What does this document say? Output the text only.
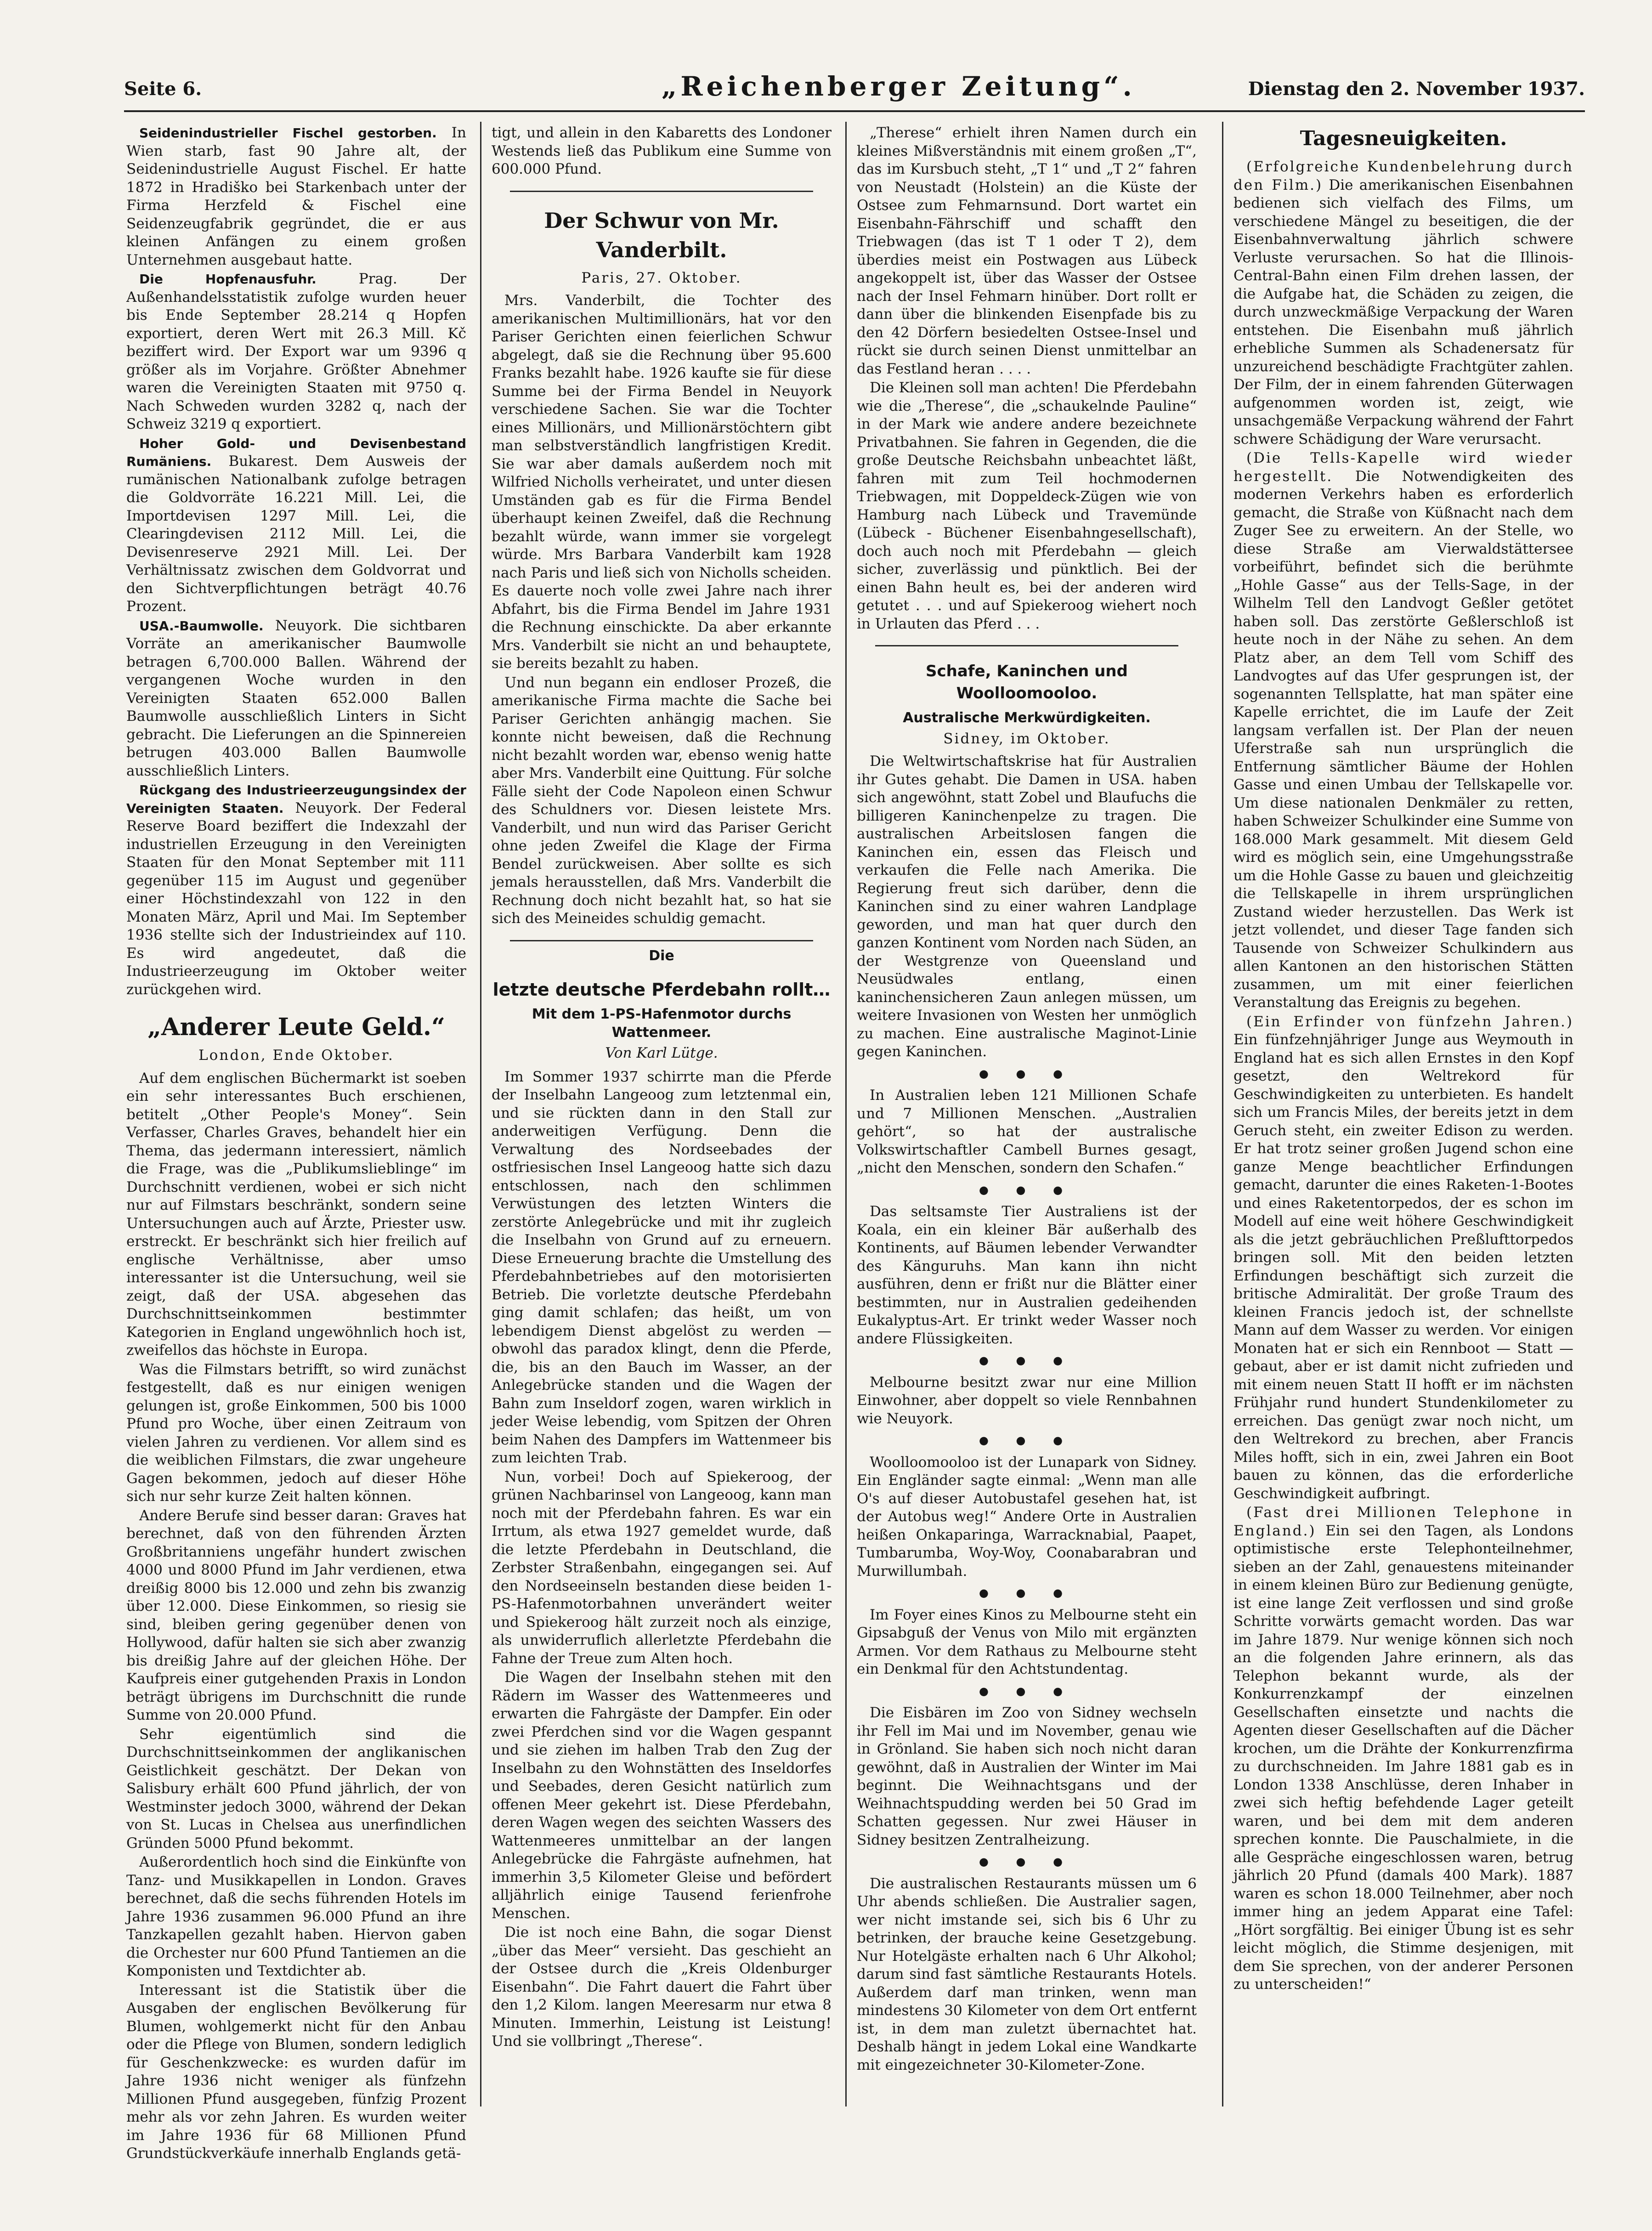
Seite 6.	„Reichenberger Zeitung“.	Dienstag den 2. November 1937.

Seidenindustrieller Fischel gestorben. In Wien starb, fast 90 Jahre alt, der Seidenindustrielle August Fischel. Er hatte 1872 in Hradiško bei Starkenbach unter der Firma Herzfeld & Fischel eine Seidenzeugfabrik gegründet, die er aus kleinen Anfängen zu einem großen Unternehmen ausgebaut hatte.

Die Hopfenausfuhr.	Prag. Der Außenhandelsstatistik zufolge wurden heuer bis Ende September 28.214 q Hopfen exportiert, deren Wert mit 26.3 Mill. Kč beziffert wird. Der Export war um 9396 q größer als im Vorjahre. Größter Abnehmer waren die Vereinigten Staaten mit 9750 q. Nach Schweden wurden 3282 q, nach der Schweiz 3219 q exportiert.

Hoher Gold- und Devisenbestand Rumäniens. Bukarest. Dem Ausweis der rumänischen Nationalbank zufolge betragen die Goldvorräte 16.221 Mill. Lei, die Importdevisen 1297 Mill. Lei, die Clearingdevisen 2112 Mill. Lei, die Devisenreserve 2921 Mill. Lei. Der Verhältnissatz zwischen dem Goldvorrat und den Sichtverpflichtungen beträgt 40.76 Prozent.

USA.-Baumwolle. Neuyork. Die sichtbaren Vorräte an amerikanischer Baumwolle betragen 6,700.000 Ballen. Während der vergangenen Woche wurden in den Vereinigten Staaten 652.000 Ballen Baumwolle ausschließlich Linters in Sicht gebracht. Die Lieferungen an die Spinnereien betrugen 403.000 Ballen Baumwolle ausschließlich Linters.

Rückgang des Industrieerzeugungsindex der Vereinigten Staaten. Neuyork. Der Federal Reserve Board beziffert die Indexzahl der industriellen Erzeugung in den Vereinigten Staaten für den Monat September mit 111 gegenüber 115 im August und gegenüber einer Höchstindexzahl von 122 in den Monaten März, April und Mai. Im September 1936 stellte sich der Industrieindex auf 110. Es wird angedeutet, daß die Industrieerzeugung im Oktober weiter zurückgehen wird.

„Anderer Leute Geld.“
London, Ende Oktober.

Auf dem englischen Büchermarkt ist soeben ein sehr interessantes Buch erschienen, betitelt „Other People's Money“. Sein Verfasser, Charles Graves, behandelt hier ein Thema, das jedermann interessiert, nämlich die Frage, was die „Publikumslieblinge“ im Durchschnitt verdienen, wobei er sich nicht nur auf Filmstars beschränkt, sondern seine Untersuchungen auch auf Ärzte, Priester usw. erstreckt. Er beschränkt sich hier freilich auf englische Verhältnisse, aber umso interessanter ist die Untersuchung, weil sie zeigt, daß der USA. abgesehen das Durchschnittseinkommen bestimmter Kategorien in England ungewöhnlich hoch ist, zweifellos das höchste in Europa.

Was die Filmstars betrifft, so wird zunächst festgestellt, daß es nur einigen wenigen gelungen ist, große Einkommen, 500 bis 1000 Pfund pro Woche, über einen Zeitraum von vielen Jahren zu verdienen. Vor allem sind es die weiblichen Filmstars, die zwar ungeheure Gagen bekommen, jedoch auf dieser Höhe sich nur sehr kurze Zeit halten können.

Andere Berufe sind besser daran: Graves hat berechnet, daß von den führenden Ärzten Großbritanniens ungefähr hundert zwischen 4000 und 8000 Pfund im Jahr verdienen, etwa dreißig 8000 bis 12.000 und zehn bis zwanzig über 12.000. Diese Einkommen, so riesig sie sind, bleiben gering gegenüber denen von Hollywood, dafür halten sie sich aber zwanzig bis dreißig Jahre auf der gleichen Höhe. Der Kaufpreis einer gutgehenden Praxis in London beträgt übrigens im Durchschnitt die runde Summe von 20.000 Pfund.

Sehr eigentümlich sind die Durchschnittseinkommen der anglikanischen Geistlichkeit geschätzt. Der Dekan von Salisbury erhält 600 Pfund jährlich, der von Westminster jedoch 3000, während der Dekan von St. Lucas in Chelsea aus unerfindlichen Gründen 5000 Pfund bekommt.

Außerordentlich hoch sind die Einkünfte von Tanz- und Musikkapellen in London. Graves berechnet, daß die sechs führenden Hotels im Jahre 1936 zusammen 96.000 Pfund an ihre Tanzkapellen gezahlt haben. Hiervon gaben die Orchester nur 600 Pfund Tantiemen an die Komponisten und Textdichter ab.

Interessant ist die Statistik über die Ausgaben der englischen Bevölkerung für Blumen, wohlgemerkt nicht für den Anbau oder die Pflege von Blumen, sondern lediglich für Geschenkzwecke: es wurden dafür im Jahre 1936 nicht weniger als fünfzehn Millionen Pfund ausgegeben, fünfzig Prozent mehr als vor zehn Jahren. Es wurden weiter im Jahre 1936 für 68 Millionen Pfund Grundstückverkäufe innerhalb Englands getä-

tigt, und allein in den Kabaretts des Londoner Westends ließ das Publikum eine Summe von 600.000 Pfund.

Der Schwur von Mr. Vanderbilt.
Paris, 27. Oktober.

Mrs. Vanderbilt, die Tochter des amerikanischen Multimillionärs, hat vor den Pariser Gerichten einen feierlichen Schwur abgelegt, daß sie die Rechnung über 95.600 Franks bezahlt habe. 1926 kaufte sie für diese Summe bei der Firma Bendel in Neuyork verschiedene Sachen. Sie war die Tochter eines Millionärs, und Millionärstöchtern gibt man selbstverständlich langfristigen Kredit. Sie war aber damals außerdem noch mit Wilfried Nicholls verheiratet, und unter diesen Umständen gab es für die Firma Bendel überhaupt keinen Zweifel, daß die Rechnung bezahlt würde, wann immer sie vorgelegt würde. Mrs Barbara Vanderbilt kam 1928 nach Paris und ließ sich von Nicholls scheiden. Es dauerte noch volle zwei Jahre nach ihrer Abfahrt, bis die Firma Bendel im Jahre 1931 die Rechnung einschickte. Da aber erkannte Mrs. Vanderbilt sie nicht an und behauptete, sie bereits bezahlt zu haben.

Und nun begann ein endloser Prozeß, die amerikanische Firma machte die Sache bei Pariser Gerichten anhängig machen. Sie konnte nicht beweisen, daß die Rechnung nicht bezahlt worden war, ebenso wenig hatte aber Mrs. Vanderbilt eine Quittung. Für solche Fälle sieht der Code Napoleon einen Schwur des Schuldners vor. Diesen leistete Mrs. Vanderbilt, und nun wird das Pariser Gericht ohne jeden Zweifel die Klage der Firma Bendel zurückweisen. Aber sollte es sich jemals herausstellen, daß Mrs. Vanderbilt die Rechnung doch nicht bezahlt hat, so hat sie sich des Meineides schuldig gemacht.

Die
letzte deutsche Pferdebahn rollt…
Mit dem 1-PS-Hafenmotor durchs Wattenmeer.
Von Karl Lütge.

Im Sommer 1937 schirrte man die Pferde der Inselbahn Langeoog zum letztenmal ein, und sie rückten dann in den Stall zur anderweitigen Verfügung. Denn die Verwaltung des Nordseebades der ostfriesischen Insel Langeoog hatte sich dazu entschlossen, nach den schlimmen Verwüstungen des letzten Winters die zerstörte Anlegebrücke und mit ihr zugleich die Inselbahn von Grund auf zu erneuern. Diese Erneuerung brachte die Umstellung des Pferdebahnbetriebes auf den motorisierten Betrieb. Die vorletzte deutsche Pferdebahn ging damit schlafen; das heißt, um von lebendigem Dienst abgelöst zu werden — obwohl das paradox klingt, denn die Pferde, die, bis an den Bauch im Wasser, an der Anlegebrücke standen und die Wagen der Bahn zum Inseldorf zogen, waren wirklich in jeder Weise lebendig, vom Spitzen der Ohren beim Nahen des Dampfers im Wattenmeer bis zum leichten Trab.

Nun, vorbei! Doch auf Spiekeroog, der grünen Nachbarinsel von Langeoog, kann man noch mit der Pferdebahn fahren. Es war ein Irrtum, als etwa 1927 gemeldet wurde, daß die letzte Pferdebahn in Deutschland, die Zerbster Straßenbahn, eingegangen sei. Auf den Nordseeinseln bestanden diese beiden 1-PS-Hafenmotorbahnen unverändert weiter und Spiekeroog hält zurzeit noch als einzige, als unwiderruflich allerletzte Pferdebahn die Fahne der Treue zum Alten hoch.

Die Wagen der Inselbahn stehen mit den Rädern im Wasser des Wattenmeeres und erwarten die Fahrgäste der Dampfer. Ein oder zwei Pferdchen sind vor die Wagen gespannt und sie ziehen im halben Trab den Zug der Inselbahn zu den Wohnstätten des Inseldorfes und Seebades, deren Gesicht natürlich zum offenen Meer gekehrt ist. Diese Pferdebahn, deren Wagen wegen des seichten Wassers des Wattenmeeres unmittelbar an der langen Anlegebrücke die Fahrgäste aufnehmen, hat immerhin 3,5 Kilometer Gleise und befördert alljährlich einige Tausend ferienfrohe Menschen.

Die ist noch eine Bahn, die sogar Dienst „über das Meer“ versieht. Das geschieht an der Ostsee durch die „Kreis Oldenburger Eisenbahn“. Die Fahrt dauert die Fahrt über den 1,2 Kilom. langen Meeresarm nur etwa 8 Minuten. Immerhin, Leistung ist Leistung! Und sie vollbringt „Therese“.

„Therese“ erhielt ihren Namen durch ein kleines Mißverständnis mit einem großen „T“, das im Kursbuch steht, „T 1“ und „T 2“ fahren von Neustadt (Holstein) an die Küste der Ostsee zum Fehmarnsund. Dort wartet ein Eisenbahn-Fährschiff und schafft den Triebwagen (das ist T 1 oder T 2), dem überdies meist ein Postwagen aus Lübeck angekoppelt ist, über das Wasser der Ostsee nach der Insel Fehmarn hinüber. Dort rollt er dann über die blinkenden Eisenpfade bis zu den 42 Dörfern besiedelten Ostsee-Insel und rückt sie durch seinen Dienst unmittelbar an das Festland heran . . . .

Die Kleinen soll man achten! Die Pferdebahn wie die „Therese“, die „schaukelnde Pauline“ in der Mark wie andere andere bezeichnete Privatbahnen. Sie fahren in Gegenden, die die große Deutsche Reichsbahn unbeachtet läßt, fahren mit zum Teil hochmodernen Triebwagen, mit Doppeldeck-Zügen wie von Hamburg nach Lübeck und Travemünde (Lübeck - Büchener Eisenbahngesellschaft), doch auch noch mit Pferdebahn — gleich sicher, zuverlässig und pünktlich. Bei der einen Bahn heult es, bei der anderen wird getutet . . . und auf Spiekeroog wiehert noch in Urlauten das Pferd . . .

Schafe, Kaninchen und Woolloomooloo.
Australische Merkwürdigkeiten.
Sidney, im Oktober.

Die Weltwirtschaftskrise hat für Australien ihr Gutes gehabt. Die Damen in USA. haben sich angewöhnt, statt Zobel und Blaufuchs die billigeren Kaninchenpelze zu tragen. Die australischen Arbeitslosen fangen die Kaninchen ein, essen das Fleisch und verkaufen die Felle nach Amerika. Die Regierung freut sich darüber, denn die Kaninchen sind zu einer wahren Landplage geworden, und man hat quer durch den ganzen Kontinent vom Norden nach Süden, an der Westgrenze von Queensland und Neusüdwales entlang, einen kaninchensicheren Zaun anlegen müssen, um weitere Invasionen von Westen her unmöglich zu machen. Eine australische Maginot-Linie gegen Kaninchen.

● ● ●

In Australien leben 121 Millionen Schafe und 7 Millionen Menschen. „Australien gehört“, so hat der australische Volkswirtschaftler Cambell Burnes gesagt, „nicht den Menschen, sondern den Schafen.“

● ● ●

Das seltsamste Tier Australiens ist der Koala, ein ein kleiner Bär außerhalb des Kontinents, auf Bäumen lebender Verwandter des Känguruhs. Man kann ihn nicht ausführen, denn er frißt nur die Blätter einer bestimmten, nur in Australien gedeihenden Eukalyptus-Art. Er trinkt weder Wasser noch andere Flüssigkeiten.

● ● ●

Melbourne besitzt zwar nur eine Million Einwohner, aber doppelt so viele Rennbahnen wie Neuyork.

● ● ●

Woolloomooloo ist der Lunapark von Sidney. Ein Engländer sagte einmal: „Wenn man alle O's auf dieser Autobustafel gesehen hat, ist der Autobus weg!“ Andere Orte in Australien heißen Onkaparinga, Warracknabial, Paapet, Tumbarumba, Woy-Woy, Coonabarabran und Murwillumbah.

● ● ●

Im Foyer eines Kinos zu Melbourne steht ein Gipsabguß der Venus von Milo mit ergänzten Armen. Vor dem Rathaus zu Melbourne steht ein Denkmal für den Achtstundentag.

● ● ●

Die Eisbären im Zoo von Sidney wechseln ihr Fell im Mai und im November, genau wie in Grönland. Sie haben sich noch nicht daran gewöhnt, daß in Australien der Winter im Mai beginnt. Die Weihnachtsgans und der Weihnachtspudding werden bei 50 Grad im Schatten gegessen. Nur zwei Häuser in Sidney besitzen Zentralheizung.

● ● ●

Die australischen Restaurants müssen um 6 Uhr abends schließen. Die Australier sagen, wer nicht imstande sei, sich bis 6 Uhr zu betrinken, der brauche keine Gesetzgebung. Nur Hotelgäste erhalten nach 6 Uhr Alkohol; darum sind fast sämtliche Restaurants Hotels. Außerdem darf man trinken, wenn man mindestens 30 Kilometer von dem Ort entfernt ist, in dem man zuletzt übernachtet hat. Deshalb hängt in jedem Lokal eine Wandkarte mit eingezeichneter 30-Kilometer-Zone.

Tagesneuigkeiten.

(Erfolgreiche Kundenbelehrung durch den Film.) Die amerikanischen Eisenbahnen bedienen sich vielfach des Films, um verschiedene Mängel zu beseitigen, die der Eisenbahnverwaltung jährlich schwere Verluste verursachen. So hat die Illinois-Central-Bahn einen Film drehen lassen, der die Aufgabe hat, die Schäden zu zeigen, die durch unzweckmäßige Verpackung der Waren entstehen. Die Eisenbahn muß jährlich erhebliche Summen als Schadenersatz für unzureichend beschädigte Frachtgüter zahlen. Der Film, der in einem fahrenden Güterwagen aufgenommen worden ist, zeigt, wie unsachgemäße Verpackung während der Fahrt schwere Schädigung der Ware verursacht.

(Die Tells-Kapelle wird wieder hergestellt. Die Notwendigkeiten des modernen Verkehrs haben es erforderlich gemacht, die Straße von Küßnacht nach dem Zuger See zu erweitern. An der Stelle, wo diese Straße am Vierwaldstättersee vorbeiführt, befindet sich die berühmte „Hohle Gasse“ aus der Tells-Sage, in der Wilhelm Tell den Landvogt Geßler getötet haben soll. Das zerstörte Geßlerschloß ist heute noch in der Nähe zu sehen. An dem Platz aber, an dem Tell vom Schiff des Landvogtes auf das Ufer gesprungen ist, der sogenannten Tellsplatte, hat man später eine Kapelle errichtet, die im Laufe der Zeit langsam verfallen ist. Der Plan der neuen Uferstraße sah nun ursprünglich die Entfernung sämtlicher Bäume der Hohlen Gasse und einen Umbau der Tellskapelle vor. Um diese nationalen Denkmäler zu retten, haben Schweizer Schulkinder eine Summe von 168.000 Mark gesammelt. Mit diesem Geld wird es möglich sein, eine Umgehungsstraße um die Hohle Gasse zu bauen und gleichzeitig die Tellskapelle in ihrem ursprünglichen Zustand wieder herzustellen. Das Werk ist jetzt vollendet, und dieser Tage fanden sich Tausende von Schweizer Schulkindern aus allen Kantonen an den historischen Stätten zusammen, um mit einer feierlichen Veranstaltung das Ereignis zu begehen.

(Ein Erfinder von fünfzehn Jahren.) Ein fünfzehnjähriger Junge aus Weymouth in England hat es sich allen Ernstes in den Kopf gesetzt, den Weltrekord für Geschwindigkeiten zu unterbieten. Es handelt sich um Francis Miles, der bereits jetzt in dem Geruch steht, ein zweiter Edison zu werden. Er hat trotz seiner großen Jugend schon eine ganze Menge beachtlicher Erfindungen gemacht, darunter die eines Raketen-1-Bootes und eines Raketentorpedos, der es schon im Modell auf eine weit höhere Geschwindigkeit als die jetzt gebräuchlichen Preßlufttorpedos bringen soll. Mit den beiden letzten Erfindungen beschäftigt sich zurzeit die britische Admiralität. Der große Traum des kleinen Francis jedoch ist, der schnellste Mann auf dem Wasser zu werden. Vor einigen Monaten hat er sich ein Rennboot — Statt — gebaut, aber er ist damit nicht zufrieden und mit einem neuen Statt II hofft er im nächsten Frühjahr rund hundert Stundenkilometer zu erreichen. Das genügt zwar noch nicht, um den Weltrekord zu brechen, aber Francis Miles hofft, sich in ein, zwei Jahren ein Boot bauen zu können, das die erforderliche Geschwindigkeit aufbringt.

(Fast drei Millionen Telephone in England.) Ein sei den Tagen, als Londons optimistische erste Telephonteilnehmer, sieben an der Zahl, genauestens miteinander in einem kleinen Büro zur Bedienung genügte, ist eine lange Zeit verflossen und sind große Schritte vorwärts gemacht worden. Das war im Jahre 1879. Nur wenige können sich noch an die folgenden Jahre erinnern, als das Telephon bekannt wurde, als der Konkurrenzkampf der einzelnen Gesellschaften einsetzte und nachts die Agenten dieser Gesellschaften auf die Dächer krochen, um die Drähte der Konkurrenzfirma zu durchschneiden. Im Jahre 1881 gab es in London 1338 Anschlüsse, deren Inhaber in zwei sich heftig befehdende Lager geteilt waren, und bei dem mit dem anderen sprechen konnte. Die Pauschalmiete, in die alle Gespräche eingeschlossen waren, betrug jährlich 20 Pfund (damals 400 Mark). 1887 waren es schon 18.000 Teilnehmer, aber noch immer hing an jedem Apparat eine Tafel: „Hört sorgfältig. Bei einiger Übung ist es sehr leicht möglich, die Stimme desjenigen, mit dem Sie sprechen, von der anderer Personen zu unterscheiden!“
